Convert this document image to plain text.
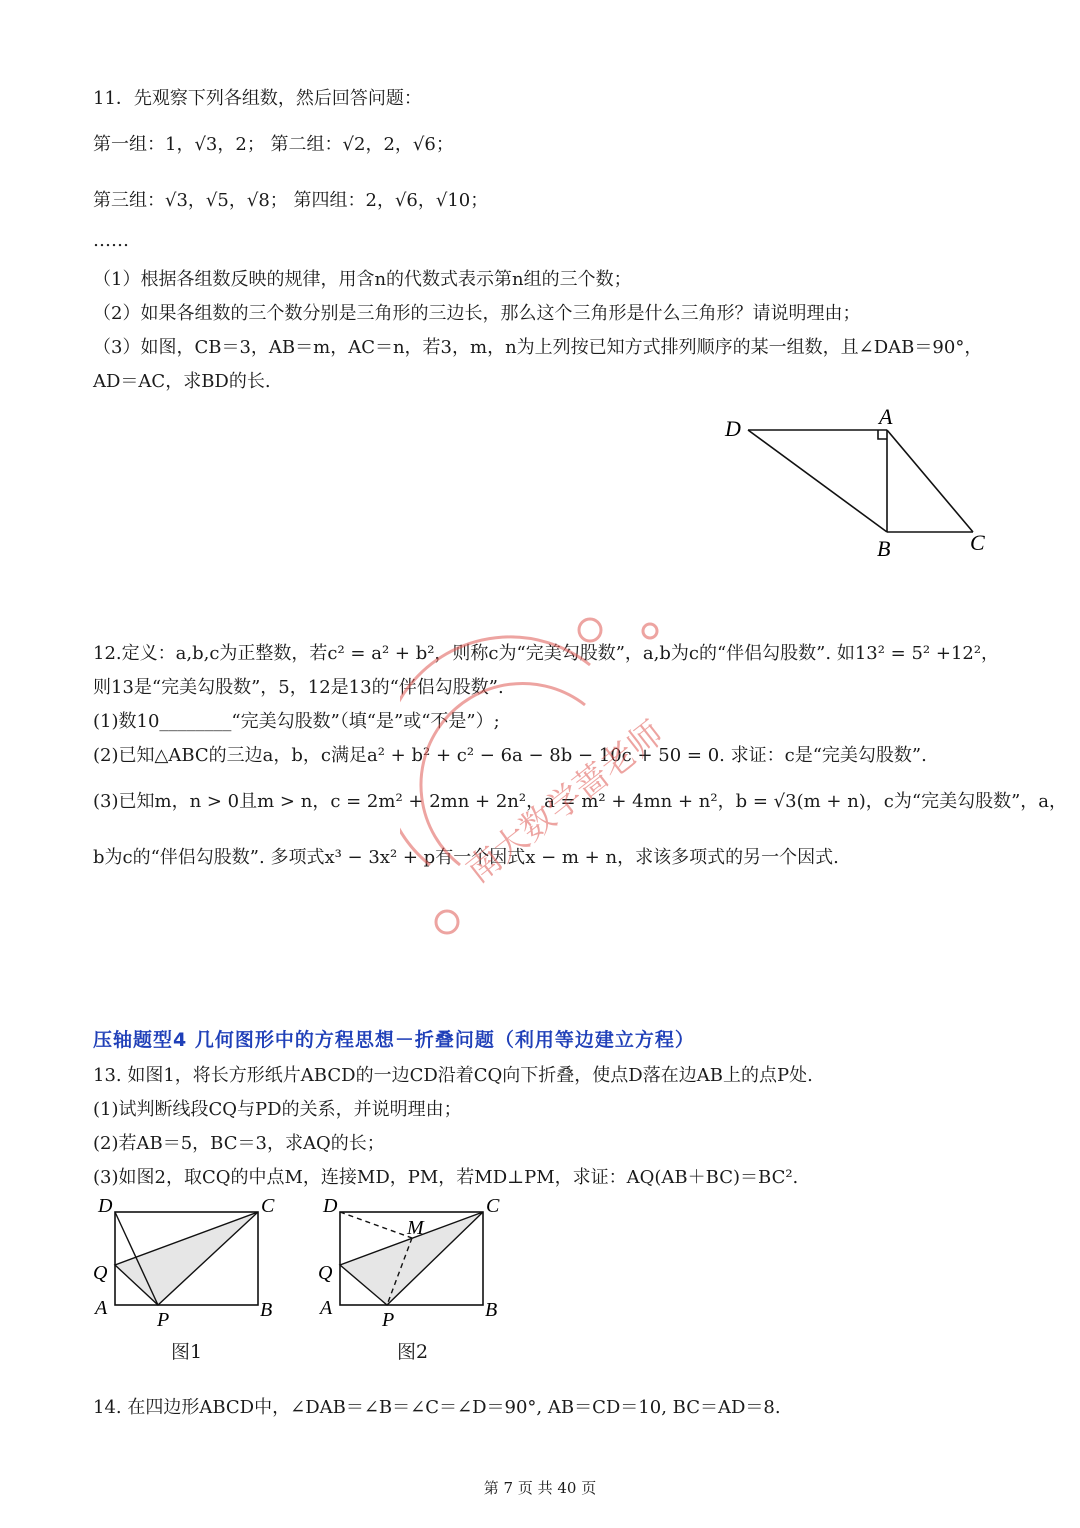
11．先观察下列各组数，然后回答问题：
第一组：1，√3，2； 第二组：√2，2，√6；
第三组：√3，√5，√8； 第四组：2，√6，√10；
……
（1）根据各组数反映的规律，用含n的代数式表示第n组的三个数；
（2）如果各组数的三个数分别是三角形的三边长，那么这个三角形是什么三角形？请说明理由；
（3）如图，CB＝3，AB＝m，AC＝n，若3，m，n为上列按已知方式排列顺序的某一组数，且∠DAB＝90°，
AD＝AC，求BD的长.
D	A
B	C
12.定义：a,b,c为正整数，若c² = a² + b²，则称c为“完美勾股数”，a,b为c的“伴侣勾股数”. 如13² = 5² +12²，
则13是“完美勾股数”，5，12是13的“伴侣勾股数”.
(1)数10________“完美勾股数”（填“是”或“不是”）;
(2)已知△ABC的三边a，b，c满足a² + b² + c² − 6a − 8b − 10c + 50 = 0. 求证：c是“完美勾股数”.
(3)已知m，n > 0且m > n，c = 2m² + 2mn + 2n²，a = m² + 4mn + n²，b = √3(m + n)，c为“完美勾股数”，a，
b为c的“伴侣勾股数”. 多项式x³ − 3x² + p有一个因式x − m + n，求该多项式的另一个因式.
南大数学蔷老师
压轴题型4 几何图形中的方程思想－折叠问题（利用等边建立方程）
13. 如图1，将长方形纸片ABCD的一边CD沿着CQ向下折叠，使点D落在边AB上的点P处.
(1)试判断线段CQ与PD的关系，并说明理由；
(2)若AB＝5，BC＝3，求AQ的长；
(3)如图2，取CQ的中点M，连接MD，PM，若MD⊥PM，求证：AQ(AB＋BC)＝BC².
D	C
Q
A
P	B
图1
D	C
M
Q
A
P	B
图2
14. 在四边形ABCD中，∠DAB＝∠B＝∠C＝∠D＝90°, AB＝CD＝10, BC＝AD＝8.
第 7 页 共 40 页
